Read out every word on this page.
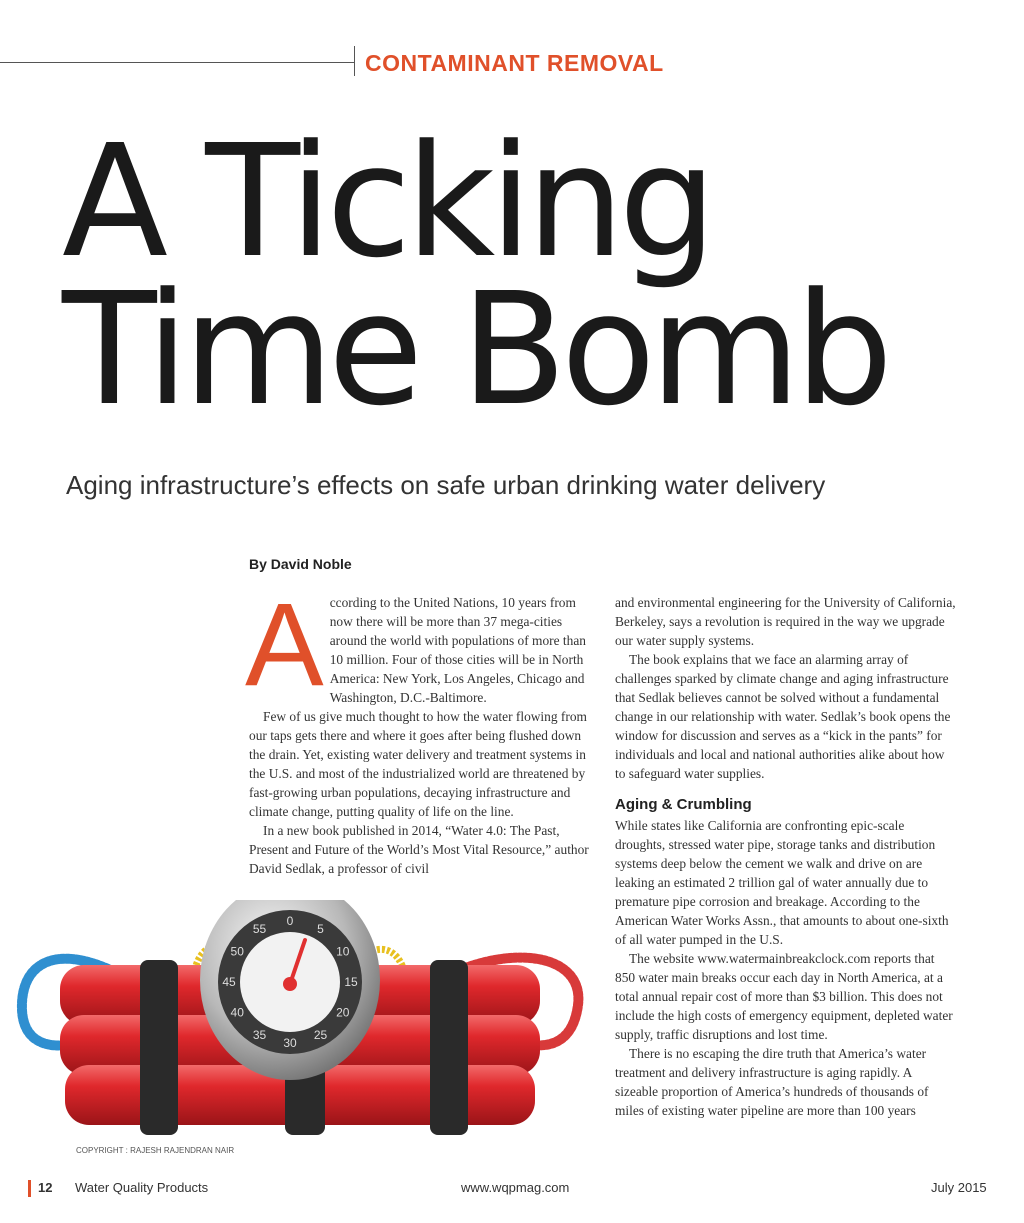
CONTAMINANT REMOVAL
A Ticking
Time Bomb
Aging infrastructure’s effects on safe urban drinking water delivery
By David Noble

According to the United Nations, 10 years from now there will be more than 37 mega-cities around the world with populations of more than 10 million. Four of those cities will be in North America: New York, Los Angeles, Chicago and Washington, D.C.-Baltimore.

Few of us give much thought to how the water flowing from our taps gets there and where it goes after being flushed down the drain. Yet, existing water delivery and treatment systems in the U.S. and most of the industrialized world are threatened by fast-growing urban populations, decaying infrastructure and climate change, putting quality of life on the line.

In a new book published in 2014, “Water 4.0: The Past, Present and Future of the World’s Most Vital Resource,” author David Sedlak, a professor of civil

and environmental engineering for the University of California, Berkeley, says a revolution is required in the way we upgrade our water supply systems.

The book explains that we face an alarming array of challenges sparked by climate change and aging infrastructure that Sedlak believes cannot be solved without a fundamental change in our relationship with water. Sedlak’s book opens the window for discussion and serves as a “kick in the pants” for individuals and local and national authorities alike about how to safeguard water supplies.

Aging & Crumbling

While states like California are confronting epic-scale droughts, stressed water pipe, storage tanks and distribution systems deep below the cement we walk and drive on are leaking an estimated 2 trillion gal of water annually due to premature pipe corrosion and breakage. According to the American Water Works Assn., that amounts to about one-sixth of all water pumped in the U.S.

The website www.watermainbreakclock.com reports that 850 water main breaks occur each day in North America, at a total annual repair cost of more than $3 billion. This does not include the high costs of emergency equipment, depleted water supply, traffic disruptions and lost time.

There is no escaping the dire truth that America’s water treatment and delivery infrastructure is aging rapidly. A sizeable proportion of America’s hundreds of thousands of miles of existing water pipeline are more than 100 years

0
5
10
15
20
25
30
35
40
45
50
55
COPYRIGHT : RAJESH RAJENDRAN NAIR
12 Water Quality Products	www.wqpmag.com	July 2015
